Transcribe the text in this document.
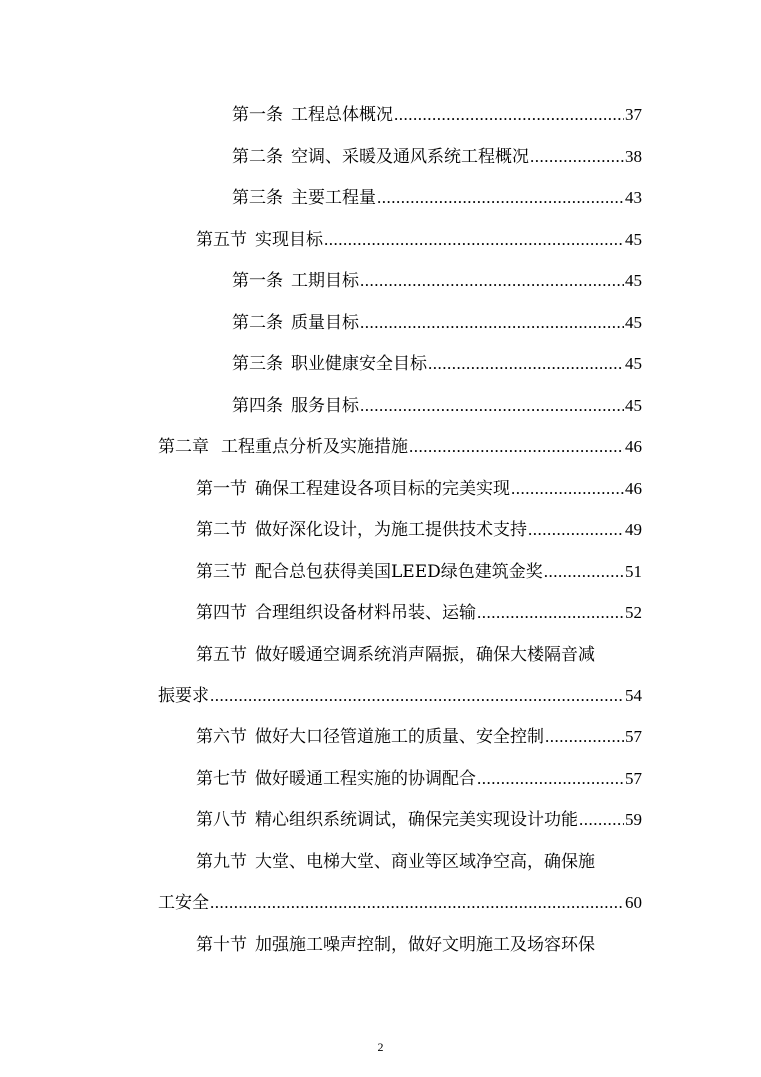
第一条 工程总体概况 .....	37
第二条 空调、采暖及通风系统工程概况 .....	38
第三条 主要工程量 .....	43
第五节 实现目标 .....	45
第一条 工期目标 .....	45
第二条 质量目标 .....	45
第三条 职业健康安全目标 .....	45
第四条 服务目标 .....	45
第二章 工程重点分析及实施措施 .....	46
第一节 确保工程建设各项目标的完美实现 .....	46
第二节 做好深化设计，为施工提供技术支持 .....	49
第三节 配合总包获得美国LEED绿色建筑金奖 .....	51
第四节 合理组织设备材料吊装、运输 .....	52
第五节 做好暖通空调系统消声隔振，确保大楼隔音减
振要求 .....	54
第六节 做好大口径管道施工的质量、安全控制 .....	57
第七节 做好暖通工程实施的协调配合 .....	57
第八节 精心组织系统调试，确保完美实现设计功能 .....	59
第九节 大堂、电梯大堂、商业等区域净空高，确保施
工安全 .....	60
第十节 加强施工噪声控制，做好文明施工及场容环保
2
